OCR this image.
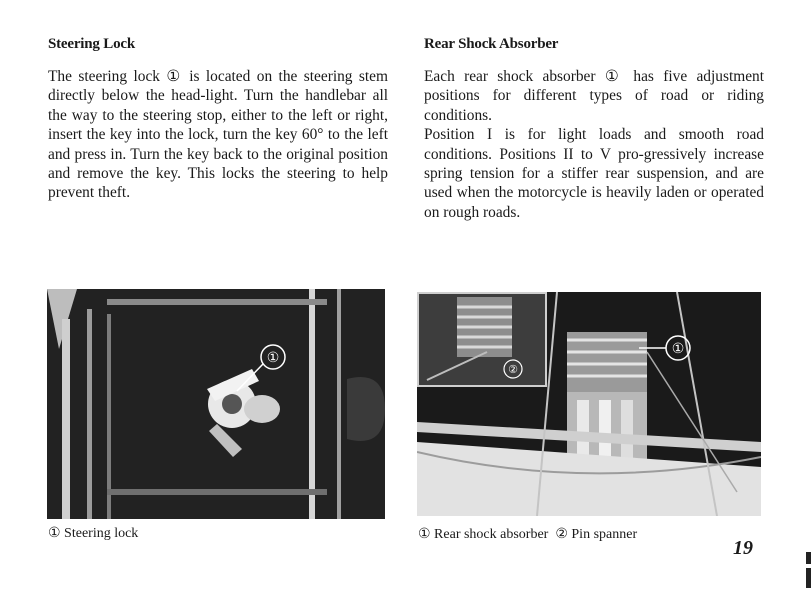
Steering Lock

The steering lock ① is located on the steering stem directly below the head-light. Turn the handlebar all the way to the steering stop, either to the left or right, insert the key into the lock, turn the key 60° to the left and press in. Turn the key back to the original position and remove the key. This locks the steering to help prevent theft.

Rear Shock Absorber

Each rear shock absorber ① has five adjustment positions for different types of road or riding conditions.

Position I is for light loads and smooth road conditions. Positions II to V pro-gressively increase spring tension for a stiffer rear suspension, and are used when the motorcycle is heavily laden or operated on rough roads.

①
②
①
① Steering lock	① Rear shock absorber  ② Pin spanner
19
